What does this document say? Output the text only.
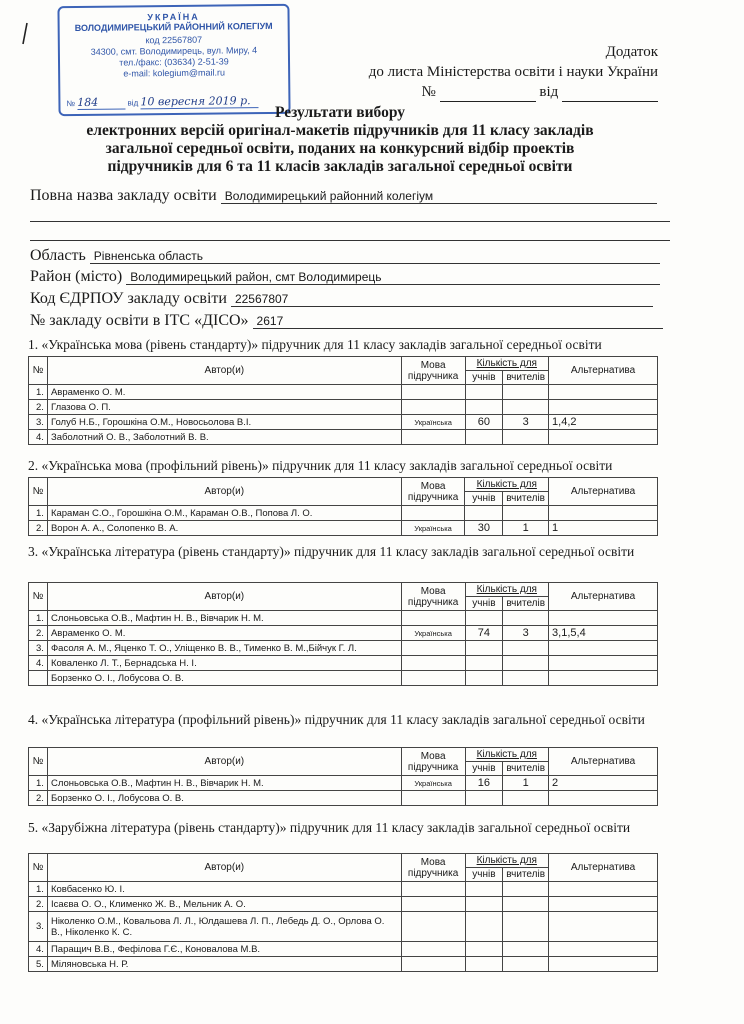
УКРАЇНА
ВОЛОДИМИРЕЦЬКИЙ РАЙОННИЙ КОЛЕГІУМ
код 22567807
34300, смт. Володимирець, вул. Миру, 4
тел./факс: (03634) 2-51-39
e-mail: kolegium@mail.ru
№ 184	від 10 вересня 2019 р.
Додаток
до листа Міністерства освіти і науки України
№	від
Результати вибору
електронних версій оригінал-макетів підручників для 11 класу закладів
загальної середньої освіти, поданих на конкурсний відбір проектів
підручників для 6 та 11 класів закладів загальної середньої освіти
Повна назва закладу освіти Володимирецький районний колегіум
Область Рівненська область
Район (місто) Володимирецький район, смт Володимирець
Код ЄДРПОУ закладу освіти 22567807
№ закладу освіти в ІТС «ДІСО» 2617
1. «Українська мова (рівень стандарту)» підручник для 11 класу закладів загальної середньої освіти
№	Автор(и)	Мова підручника	Кількість для		Альтернатива
			учнів	вчителів	
1.	Авраменко О. М.				
2.	Глазова О. П.				
3.	Голуб Н.Б., Горошкіна О.М., Новосьолова В.І.	Українська	60	3	1,4,2
4.	Заболотний О. В., Заболотний В. В.				
2. «Українська мова (профільний рівень)» підручник для 11 класу закладів загальної середньої освіти
№	Автор(и)	Мова підручника	Кількість для		Альтернатива
			учнів	вчителів	
1.	Караман С.О., Горошкіна О.М., Караман О.В., Попова Л. О.				
2.	Ворон А. А., Солопенко В. А.	Українська	30	1	1
3. «Українська література (рівень стандарту)» підручник для 11 класу закладів загальної середньої освіти
№	Автор(и)	Мова підручника	Кількість для		Альтернатива
			учнів	вчителів	
1.	Слоньовська О.В., Мафтин Н. В., Вівчарик Н. М.				
2.	Авраменко О. М.	Українська	74	3	3,1,5,4
3.	Фасоля А. М., Яценко Т. О., Уліщенко В. В., Тименко В. М.,Бійчук Г. Л.				
4.	Коваленко Л. Т., Бернадська Н. І.				
	Борзенко О. І., Лобусова О. В.				
4. «Українська література (профільний рівень)» підручник для 11 класу закладів загальної середньої освіти
№	Автор(и)	Мова підручника	Кількість для		Альтернатива
			учнів	вчителів	
1.	Слоньовська О.В., Мафтин Н. В., Вівчарик Н. М.	Українська	16	1	2
2.	Борзенко О. І., Лобусова О. В.				
5. «Зарубіжна література (рівень стандарту)» підручник для 11 класу закладів загальної середньої освіти
№	Автор(и)	Мова підручника	Кількість для		Альтернатива
			учнів	вчителів	
1.	Ковбасенко Ю. І.				
2.	Ісаєва О. О., Клименко Ж. В., Мельник А. О.				
3.	Ніколенко О.М., Ковальова Л. Л., Юлдашева Л. П., Лебедь Д. О., Орлова О. В., Ніколенко К. С.				
4.	Паращич В.В., Фефілова Г.Є., Коновалова М.В.				
5.	Міляновська Н. Р.				
